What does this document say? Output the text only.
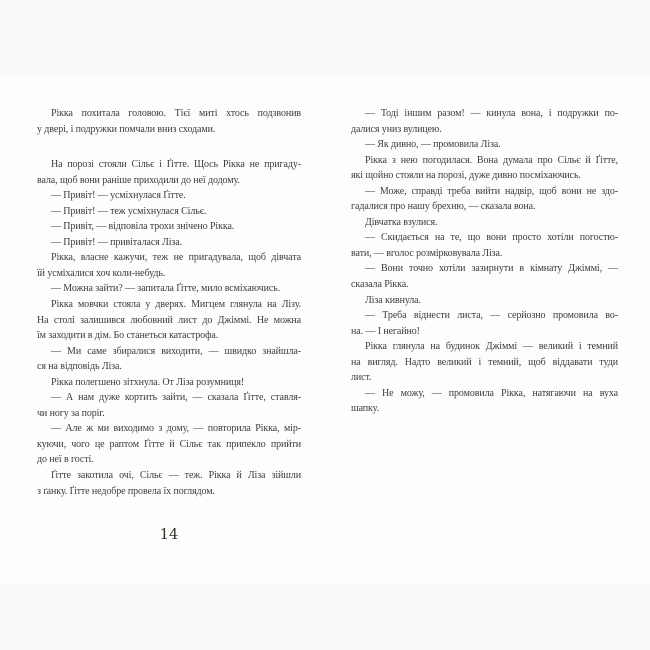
Рікка похитала головою. Тієї миті хтось подзвонив
у двері, і подружки помчали вниз сходами.
На порозі стояли Сільє і Ґітте. Щось Рікка не пригаду-
вала, щоб вони раніше приходили до неї додому.
— Привіт! — усміхнулася Ґітте.
— Привіт! — теж усміхнулася Сільє.
— Привіт, — відповіла трохи знічено Рікка.
— Привіт! — привіталася Ліза.
Рікка, власне кажучи, теж не пригадувала, щоб дівчата
їй усміхалися хоч коли-небудь.
— Можна зайти? — запитала Ґітте, мило всміхаючись.
Рікка мовчки стояла у дверях. Мигцем глянула на Лізу.
На столі залишився любовний лист до Джіммі. Не можна
їм заходити в дім. Бо станеться катастрофа.
— Ми саме збиралися виходити, — швидко знайшла-
ся на відповідь Ліза.
Рікка полегшено зітхнула. От Ліза розумниця!
— А нам дуже кортить зайти, — сказала Ґітте, ставля-
чи ногу за поріг.
— Але ж ми виходимо з дому, — повторила Рікка, мір-
куючи, чого це раптом Ґітте й Сільє так припекло прийти
до неї в гості.
Ґітте закотила очі, Сільє — теж. Рікка й Ліза зійшли
з ґанку. Ґітте недобре провела їх поглядом.
— Тоді іншим разом! — кинула вона, і подружки по-
далися униз вулицею.
— Як дивно, — промовила Ліза.
Рікка з нею погодилася. Вона думала про Сільє й Ґітте,
які щойно стояли на порозі, дуже дивно посміхаючись.
— Може, справді треба вийти надвір, щоб вони не здо-
гадалися про нашу брехню, — сказала вона.
Дівчатка взулися.
— Скидається на те, що вони просто хотіли погостю-
вати, — вголос розмірковувала Ліза.
— Вони точно хотіли зазирнути в кімнату Джіммі, —
сказала Рікка.
Ліза кивнула.
— Треба віднести листа, — серйозно промовила во-
на. — І негайно!
Рікка глянула на будинок Джіммі — великий і темний
на вигляд. Надто великий і темний, щоб віддавати туди
лист.
— Не можу, — промовила Рікка, натягаючи на вуха
шапку.
14
